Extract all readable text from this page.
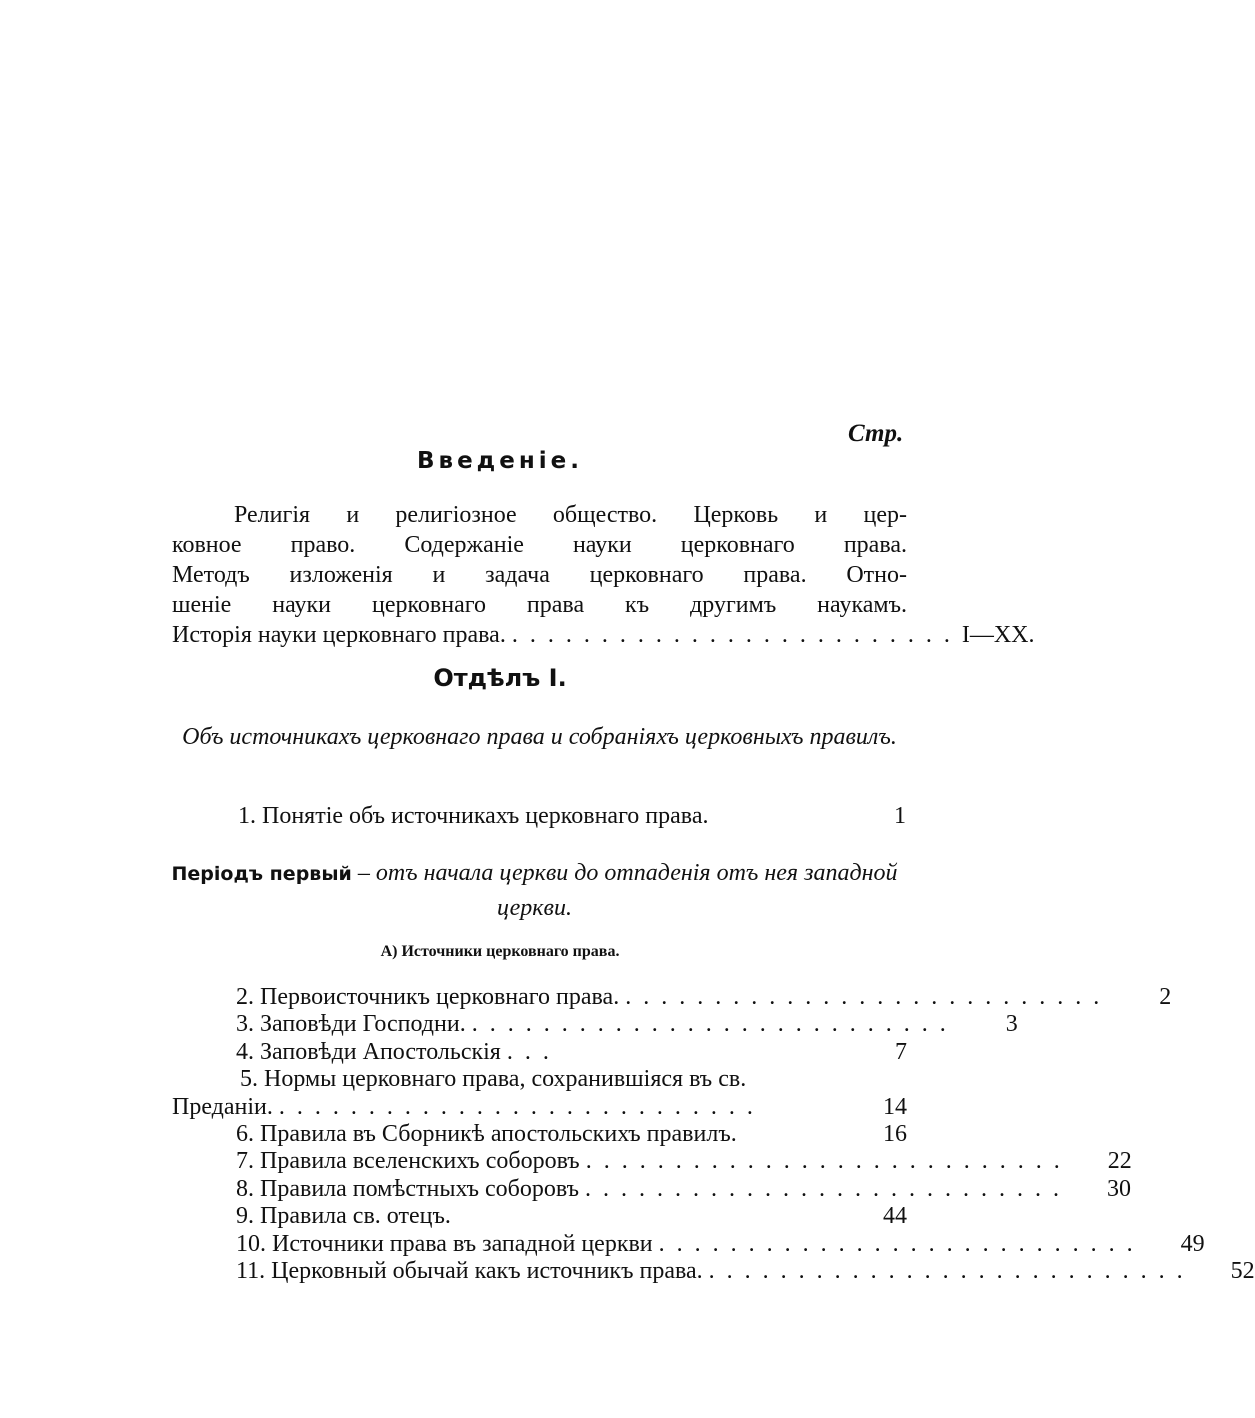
Стр.
Введеніе.
Религія и религіозное общество. Церковь и цер-
ковное право. Содержаніе науки церковнаго права.
Методъ изложенія и задача церковнаго права. Отно-
шеніе науки церковнаго права къ другимъ наукамъ.
Исторія науки церковнаго права. ......................... I—XX.
Отдѣлъ I.
Объ источникахъ церковнаго права и собраніяхъ церковныхъ правилъ.
1. Понятіе объ источникахъ церковнаго права.	1
Періодъ первый – отъ начала церкви до отпаденія отъ нея западной церкви.
А) Источники церковнаго права.
2. Первоисточникъ церковнаго права. ...........................	2
3. Заповѣди Господни. ...........................	3
4. Заповѣди Апостольскія ...	7
5. Нормы церковнаго права, сохранившіяся въ св.
Преданіи. ...........................	14
6. Правила въ Сборникѣ апостольскихъ правилъ.	16
7. Правила вселенскихъ соборовъ ...........................	22
8. Правила помѣстныхъ соборовъ ...........................	30
9. Правила св. отецъ.	44
10. Источники права въ западной церкви ...........................	49
11. Церковный обычай какъ источникъ права. ...........................	52
